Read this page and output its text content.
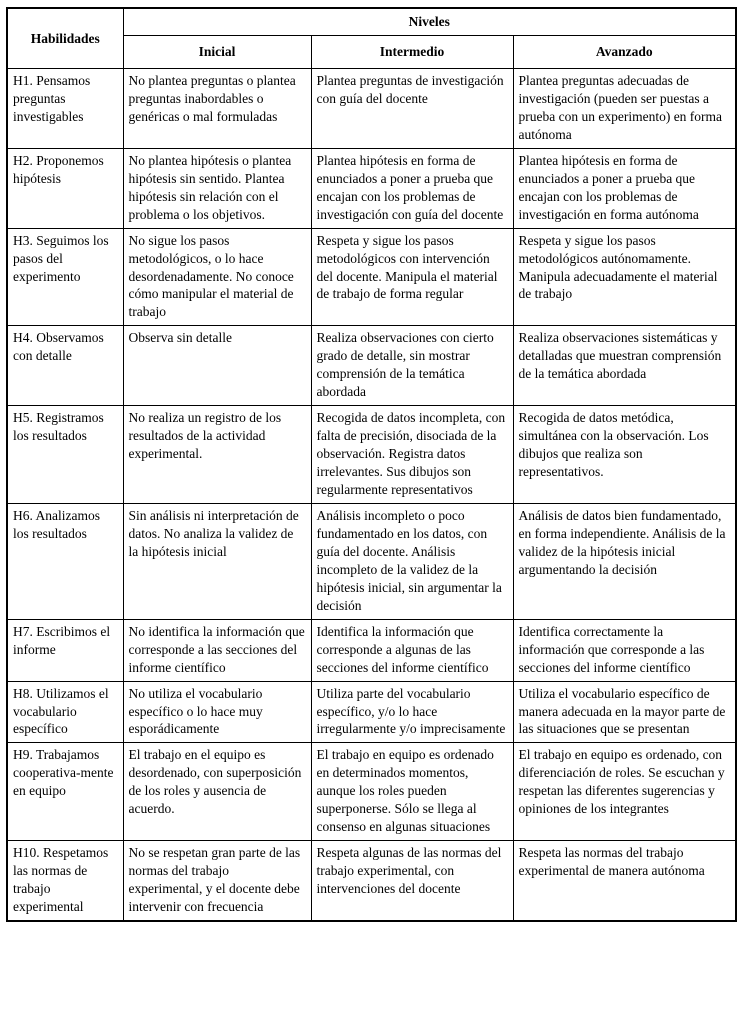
Habilidades	Niveles		
	Inicial	Intermedio	Avanzado
H1. Pensamos preguntas investigables	No plantea preguntas o plantea preguntas inabordables o genéricas o mal formuladas	Plantea preguntas de investigación con guía del docente	Plantea preguntas adecuadas de investigación (pueden ser puestas a prueba con un experimento) en forma autónoma
H2. Proponemos hipótesis	No plantea hipótesis o plantea hipótesis sin sentido. Plantea hipótesis sin relación con el problema o los objetivos.	Plantea hipótesis en forma de enunciados a poner a prueba que encajan con los problemas de investigación con guía del docente	Plantea hipótesis en forma de enunciados a poner a prueba que encajan con los problemas de investigación en forma autónoma
H3. Seguimos los pasos del experimento	No sigue los pasos metodológicos, o lo hace desordenadamente. No conoce cómo manipular el material de trabajo	Respeta y sigue los pasos metodológicos con intervención del docente. Manipula el material de trabajo de forma regular	Respeta y sigue los pasos metodológicos autónomamente. Manipula adecuadamente el material de trabajo
H4. Observamos con detalle	Observa sin detalle	Realiza observaciones con cierto grado de detalle, sin mostrar comprensión de la temática abordada	Realiza observaciones sistemáticas y detalladas que muestran comprensión de la temática abordada
H5. Registramos los resultados	No realiza un registro de los resultados de la actividad experimental.	Recogida de datos incompleta, con falta de precisión, disociada de la observación. Registra datos irrelevantes. Sus dibujos son regularmente representativos	Recogida de datos metódica, simultánea con la observación. Los dibujos que realiza son representativos.
H6. Analizamos los resultados	Sin análisis ni interpretación de datos. No analiza la validez de la hipótesis inicial	Análisis incompleto o poco fundamentado en los datos, con guía del docente. Análisis incompleto de la validez de la hipótesis inicial, sin argumentar la decisión	Análisis de datos bien fundamentado, en forma independiente. Análisis de la validez de la hipótesis inicial argumentando la decisión
H7. Escribimos el informe	No identifica la información que corresponde a las secciones del informe científico	Identifica la información que corresponde a algunas de las secciones del informe científico	Identifica correctamente la información que corresponde a las secciones del informe científico
H8. Utilizamos el vocabulario específico	No utiliza el vocabulario específico o lo hace muy esporádicamente	Utiliza parte del vocabulario específico, y/o lo hace irregularmente y/o imprecisamente	Utiliza el vocabulario específico de manera adecuada en la mayor parte de las situaciones que se presentan
H9. Trabajamos cooperativa-mente en equipo	El trabajo en el equipo es desordenado, con superposición de los roles y ausencia de acuerdo.	El trabajo en equipo es ordenado en determinados momentos, aunque los roles pueden superponerse. Sólo se llega al consenso en algunas situaciones	El trabajo en equipo es ordenado, con diferenciación de roles. Se escuchan y respetan las diferentes sugerencias y opiniones de los integrantes
H10. Respetamos las normas de trabajo experimental	No se respetan gran parte de las normas del trabajo experimental, y el docente debe intervenir con frecuencia	Respeta algunas de las normas del trabajo experimental, con intervenciones del docente	Respeta las normas del trabajo experimental de manera autónoma
